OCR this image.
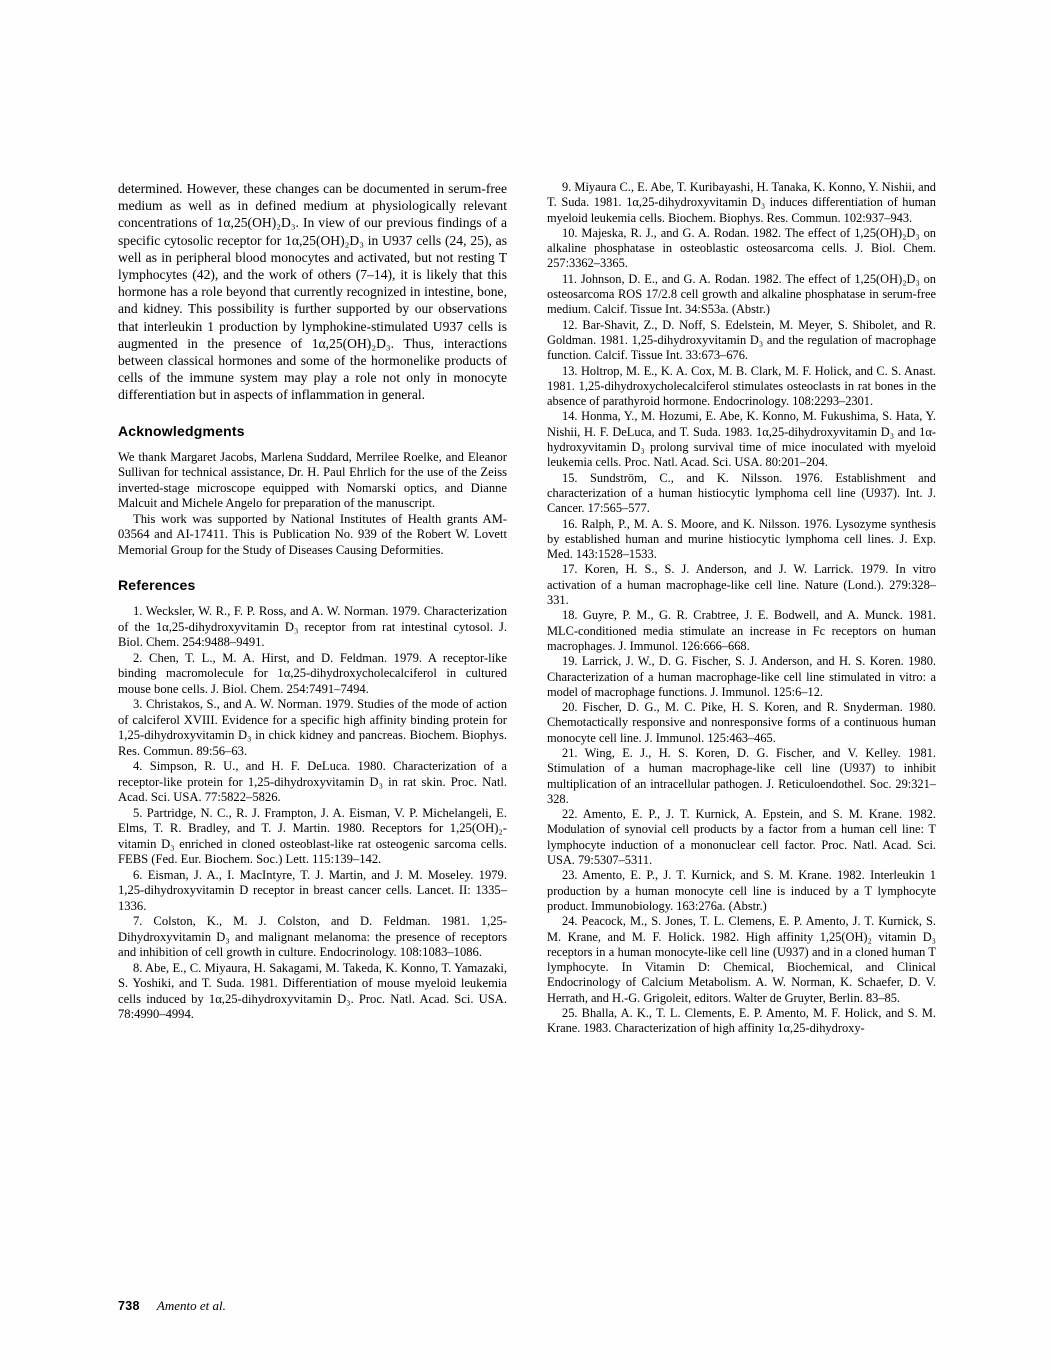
determined. However, these changes can be documented in serum-free medium as well as in defined medium at physiologically relevant concentrations of 1α,25(OH)₂D₃. In view of our previous findings of a specific cytosolic receptor for 1α,25(OH)₂D₃ in U937 cells (24, 25), as well as in peripheral blood monocytes and activated, but not resting T lymphocytes (42), and the work of others (7–14), it is likely that this hormone has a role beyond that currently recognized in intestine, bone, and kidney. This possibility is further supported by our observations that interleukin 1 production by lymphokine-stimulated U937 cells is augmented in the presence of 1α,25(OH)₂D₃. Thus, interactions between classical hormones and some of the hormonelike products of cells of the immune system may play a role not only in monocyte differentiation but in aspects of inflammation in general.

Acknowledgments

We thank Margaret Jacobs, Marlena Suddard, Merrilee Roelke, and Eleanor Sullivan for technical assistance, Dr. H. Paul Ehrlich for the use of the Zeiss inverted-stage microscope equipped with Nomarski optics, and Dianne Malcuit and Michele Angelo for preparation of the manuscript.

This work was supported by National Institutes of Health grants AM-03564 and AI-17411. This is Publication No. 939 of the Robert W. Lovett Memorial Group for the Study of Diseases Causing Deformities.

References

1. Wecksler, W. R., F. P. Ross, and A. W. Norman. 1979. Characterization of the 1α,25-dihydroxyvitamin D₃ receptor from rat intestinal cytosol. J. Biol. Chem. 254:9488–9491.

2. Chen, T. L., M. A. Hirst, and D. Feldman. 1979. A receptor-like binding macromolecule for 1α,25-dihydroxycholecalciferol in cultured mouse bone cells. J. Biol. Chem. 254:7491–7494.

3. Christakos, S., and A. W. Norman. 1979. Studies of the mode of action of calciferol XVIII. Evidence for a specific high affinity binding protein for 1,25-dihydroxyvitamin D₃ in chick kidney and pancreas. Biochem. Biophys. Res. Commun. 89:56–63.

4. Simpson, R. U., and H. F. DeLuca. 1980. Characterization of a receptor-like protein for 1,25-dihydroxyvitamin D₃ in rat skin. Proc. Natl. Acad. Sci. USA. 77:5822–5826.

5. Partridge, N. C., R. J. Frampton, J. A. Eisman, V. P. Michelangeli, E. Elms, T. R. Bradley, and T. J. Martin. 1980. Receptors for 1,25(OH)₂-vitamin D₃ enriched in cloned osteoblast-like rat osteogenic sarcoma cells. FEBS (Fed. Eur. Biochem. Soc.) Lett. 115:139–142.

6. Eisman, J. A., I. MacIntyre, T. J. Martin, and J. M. Moseley. 1979. 1,25-dihydroxyvitamin D receptor in breast cancer cells. Lancet. II: 1335–1336.

7. Colston, K., M. J. Colston, and D. Feldman. 1981. 1,25-Dihydroxyvitamin D₃ and malignant melanoma: the presence of receptors and inhibition of cell growth in culture. Endocrinology. 108:1083–1086.

8. Abe, E., C. Miyaura, H. Sakagami, M. Takeda, K. Konno, T. Yamazaki, S. Yoshiki, and T. Suda. 1981. Differentiation of mouse myeloid leukemia cells induced by 1α,25-dihydroxyvitamin D₃. Proc. Natl. Acad. Sci. USA. 78:4990–4994.

9. Miyaura C., E. Abe, T. Kuribayashi, H. Tanaka, K. Konno, Y. Nishii, and T. Suda. 1981. 1α,25-dihydroxyvitamin D₃ induces differentiation of human myeloid leukemia cells. Biochem. Biophys. Res. Commun. 102:937–943.

10. Majeska, R. J., and G. A. Rodan. 1982. The effect of 1,25(OH)₂D₃ on alkaline phosphatase in osteoblastic osteosarcoma cells. J. Biol. Chem. 257:3362–3365.

11. Johnson, D. E., and G. A. Rodan. 1982. The effect of 1,25(OH)₂D₃ on osteosarcoma ROS 17/2.8 cell growth and alkaline phosphatase in serum-free medium. Calcif. Tissue Int. 34:S53a. (Abstr.)

12. Bar-Shavit, Z., D. Noff, S. Edelstein, M. Meyer, S. Shibolet, and R. Goldman. 1981. 1,25-dihydroxyvitamin D₃ and the regulation of macrophage function. Calcif. Tissue Int. 33:673–676.

13. Holtrop, M. E., K. A. Cox, M. B. Clark, M. F. Holick, and C. S. Anast. 1981. 1,25-dihydroxycholecalciferol stimulates osteoclasts in rat bones in the absence of parathyroid hormone. Endocrinology. 108:2293–2301.

14. Honma, Y., M. Hozumi, E. Abe, K. Konno, M. Fukushima, S. Hata, Y. Nishii, H. F. DeLuca, and T. Suda. 1983. 1α,25-dihydroxyvitamin D₃ and 1α-hydroxyvitamin D₃ prolong survival time of mice inoculated with myeloid leukemia cells. Proc. Natl. Acad. Sci. USA. 80:201–204.

15. Sundström, C., and K. Nilsson. 1976. Establishment and characterization of a human histiocytic lymphoma cell line (U937). Int. J. Cancer. 17:565–577.

16. Ralph, P., M. A. S. Moore, and K. Nilsson. 1976. Lysozyme synthesis by established human and murine histiocytic lymphoma cell lines. J. Exp. Med. 143:1528–1533.

17. Koren, H. S., S. J. Anderson, and J. W. Larrick. 1979. In vitro activation of a human macrophage-like cell line. Nature (Lond.). 279:328–331.

18. Guyre, P. M., G. R. Crabtree, J. E. Bodwell, and A. Munck. 1981. MLC-conditioned media stimulate an increase in Fc receptors on human macrophages. J. Immunol. 126:666–668.

19. Larrick, J. W., D. G. Fischer, S. J. Anderson, and H. S. Koren. 1980. Characterization of a human macrophage-like cell line stimulated in vitro: a model of macrophage functions. J. Immunol. 125:6–12.

20. Fischer, D. G., M. C. Pike, H. S. Koren, and R. Snyderman. 1980. Chemotactically responsive and nonresponsive forms of a continuous human monocyte cell line. J. Immunol. 125:463–465.

21. Wing, E. J., H. S. Koren, D. G. Fischer, and V. Kelley. 1981. Stimulation of a human macrophage-like cell line (U937) to inhibit multiplication of an intracellular pathogen. J. Reticuloendothel. Soc. 29:321–328.

22. Amento, E. P., J. T. Kurnick, A. Epstein, and S. M. Krane. 1982. Modulation of synovial cell products by a factor from a human cell line: T lymphocyte induction of a mononuclear cell factor. Proc. Natl. Acad. Sci. USA. 79:5307–5311.

23. Amento, E. P., J. T. Kurnick, and S. M. Krane. 1982. Interleukin 1 production by a human monocyte cell line is induced by a T lymphocyte product. Immunobiology. 163:276a. (Abstr.)

24. Peacock, M., S. Jones, T. L. Clemens, E. P. Amento, J. T. Kurnick, S. M. Krane, and M. F. Holick. 1982. High affinity 1,25(OH)₂ vitamin D₃ receptors in a human monocyte-like cell line (U937) and in a cloned human T lymphocyte. In Vitamin D: Chemical, Biochemical, and Clinical Endocrinology of Calcium Metabolism. A. W. Norman, K. Schaefer, D. V. Herrath, and H.-G. Grigoleit, editors. Walter de Gruyter, Berlin. 83–85.

25. Bhalla, A. K., T. L. Clements, E. P. Amento, M. F. Holick, and S. M. Krane. 1983. Characterization of high affinity 1α,25-dihydroxy-

738 Amento et al.
